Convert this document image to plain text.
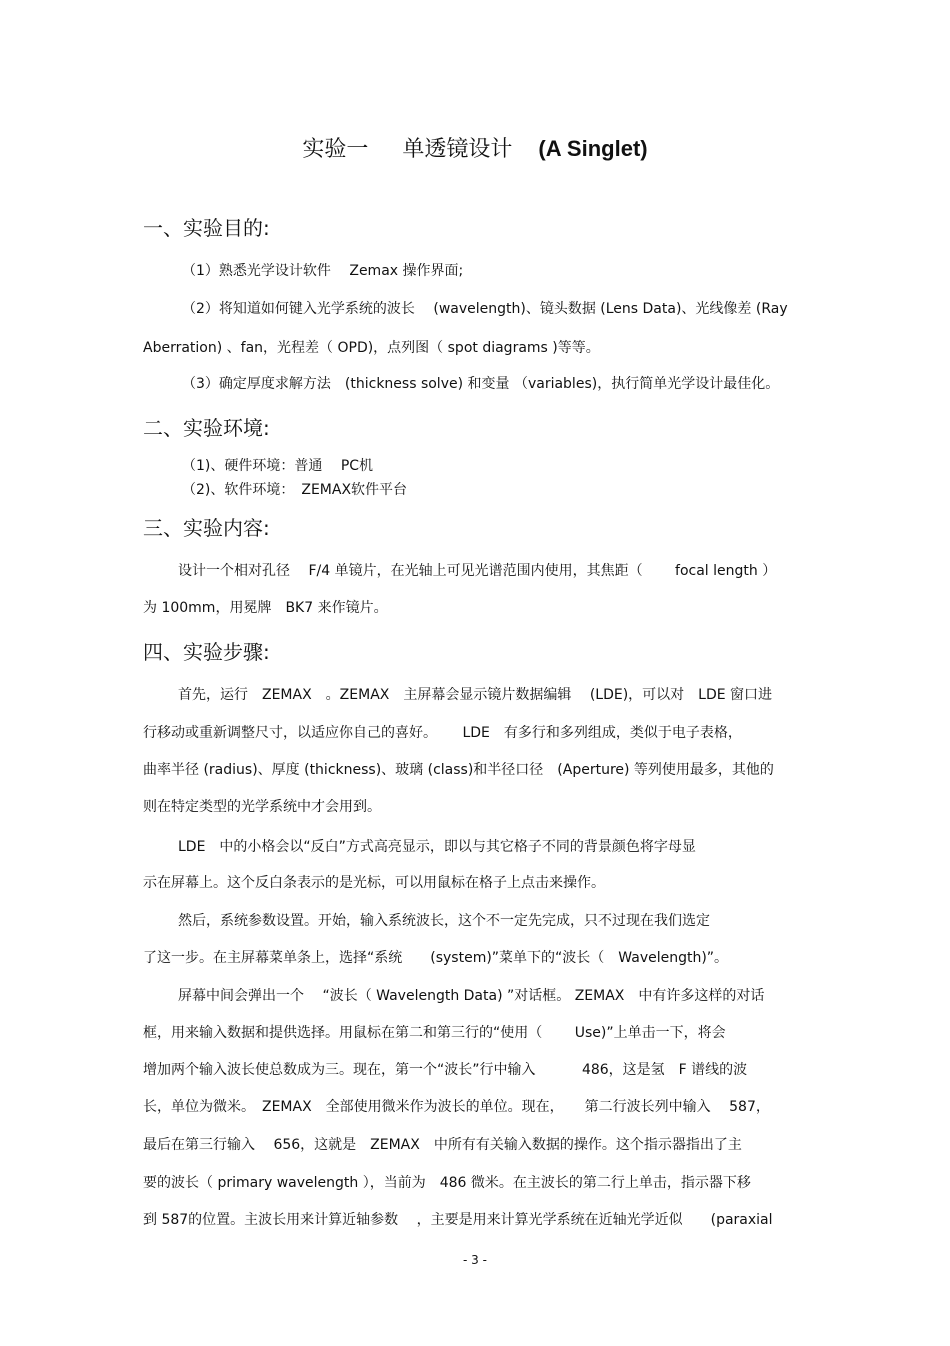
实验一 单透镜设计 (A Singlet)
一、实验目的:
（1）熟悉光学设计软件　 Zemax 操作界面;
（2）将知道如何键入光学系统的波长　 (wavelength)、镜头数据 (Lens Data)、光线像差 (Ray
Aberration) 、fan，光程差（ OPD)，点列图（ spot diagrams )等等。
（3）确定厚度求解方法　(thickness solve) 和变量 （variables)，执行简单光学设计最佳化。
二、实验环境:
（1)、硬件环境：普通　 PC机
（2)、软件环境：　ZEMAX软件平台
三、实验内容:
设计一个相对孔径　 F/4 单镜片，在光轴上可见光谱范围内使用，其焦距（　　 focal length ）
为 100mm，用冕牌　BK7 来作镜片。
四、实验步骤:
首先，运行　ZEMAX　。ZEMAX　主屏幕会显示镜片数据编辑　 (LDE)，可以对　LDE 窗口进
行移动或重新调整尺寸，以适应你自己的喜好。　　 LDE　有多行和多列组成，类似于电子表格，
曲率半径 (radius)、厚度 (thickness)、玻璃 (class)和半径口径　(Aperture) 等列使用最多，其他的
则在特定类型的光学系统中才会用到。
LDE　中的小格会以“反白”方式高亮显示，即以与其它格子不同的背景颜色将字母显
示在屏幕上。这个反白条表示的是光标，可以用鼠标在格子上点击来操作。
然后，系统参数设置。开始，输入系统波长，这个不一定先完成，只不过现在我们选定
了这一步。在主屏幕菜单条上，选择“系统　　(system)”菜单下的“波长（　Wavelength)”。
屏幕中间会弹出一个　 “波长（ Wavelength Data) ”对话框。 ZEMAX　中有许多这样的对话
框，用来输入数据和提供选择。用鼠标在第二和第三行的“使用（　　 Use)”上单击一下，将会
增加两个输入波长使总数成为三。现在，第一个“波长”行中输入　　　 486，这是氢　F 谱线的波
长，单位为微米。　ZEMAX　全部使用微米作为波长的单位。现在，　　第二行波长列中输入　 587，
最后在第三行输入　 656，这就是　ZEMAX　中所有有关输入数据的操作。这个指示器指出了主
要的波长（ primary wavelength ），当前为　486 微米。在主波长的第二行上单击，指示器下移
到 587的位置。主波长用来计算近轴参数　 ，主要是用来计算光学系统在近轴光学近似　　(paraxial
- 3 -
